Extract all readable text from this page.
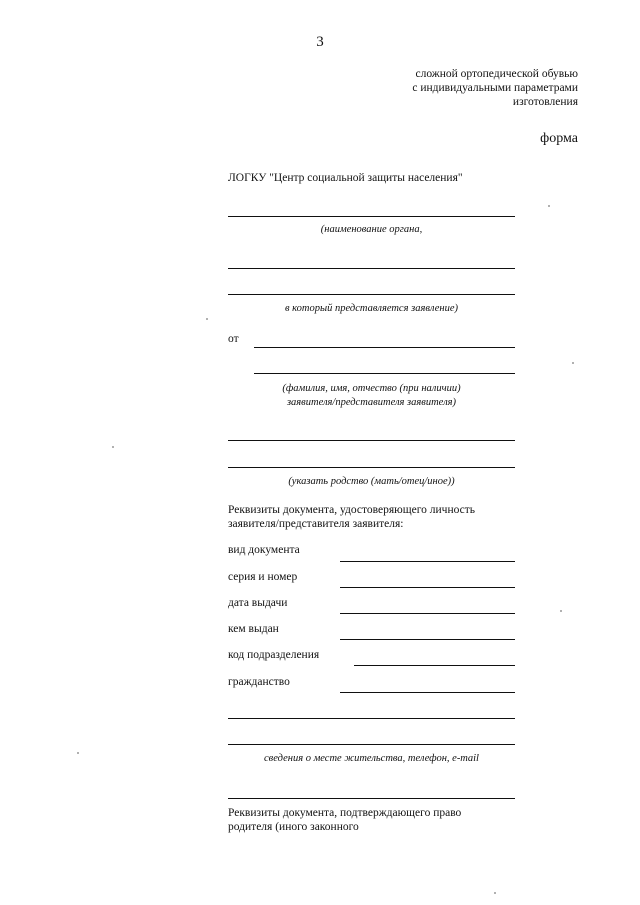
3
сложной ортопедической обувью
с индивидуальными параметрами
изготовления
форма
ЛОГКУ "Центр социальной защиты населения"
(наименование органа,
в который представляется заявление)
от
(фамилия, имя, отчество (при наличии)
заявителя/представителя заявителя)
(указать родство (мать/отец/иное))
Реквизиты документа, удостоверяющего личность
заявителя/представителя заявителя:
вид документа
серия и номер
дата выдачи
кем выдан
код подразделения
гражданство
сведения о месте жительства, телефон, e-mail
Реквизиты документа, подтверждающего право
родителя (иного законного
